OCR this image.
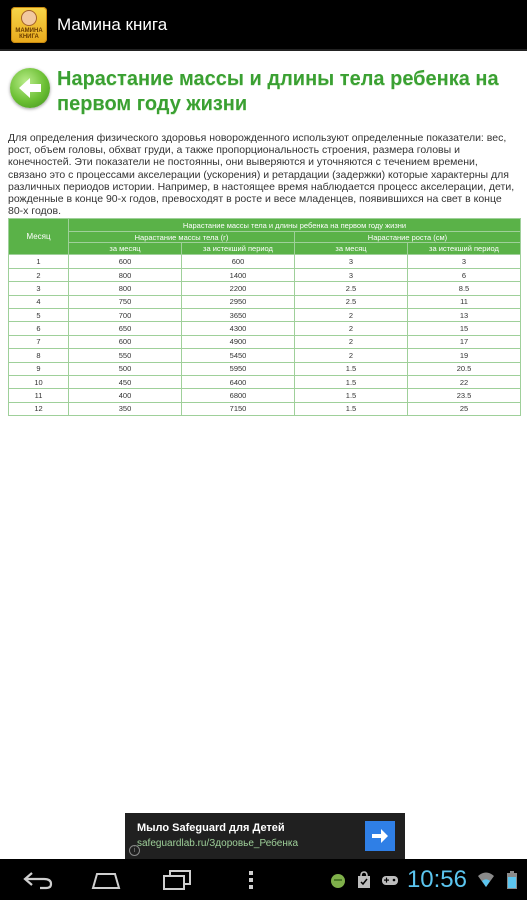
МАМИНА КНИГА
Мамина книга
Нарастание массы и длины тела ребенка на первом году жизни
Для определения физического здоровья новорожденного используют определенные показатели: вес, рост, объем головы, обхват груди, а также пропорциональность строения, размера головы и конечностей. Эти показатели не постоянны, они выверяются и уточняются с течением времени, связано это с процессами акселерации (ускорения) и ретардации (задержки) которые характерны для различных периодов истории. Например, в настоящее время наблюдается процесс акселерации, дети, рожденные в конце 90-х годов, превосходят в росте и весе младенцев, появившихся на свет в конце 80-х годов.
Месяц	Нарастание массы тела и длины ребенка на первом году жизни			
	Нарастание массы тела (г)		Нарастание роста (см)	
	за месяц	за истекший период	за месяц	за истекший период
1	600	600	3	3
2	800	1400	3	6
3	800	2200	2.5	8.5
4	750	2950	2.5	11
5	700	3650	2	13
6	650	4300	2	15
7	600	4900	2	17
8	550	5450	2	19
9	500	5950	1.5	20.5
10	450	6400	1.5	22
11	400	6800	1.5	23.5
12	350	7150	1.5	25
Мыло Safeguard для Детей
safeguardlab.ru/Здоровье_Ребенка
i
10:56
